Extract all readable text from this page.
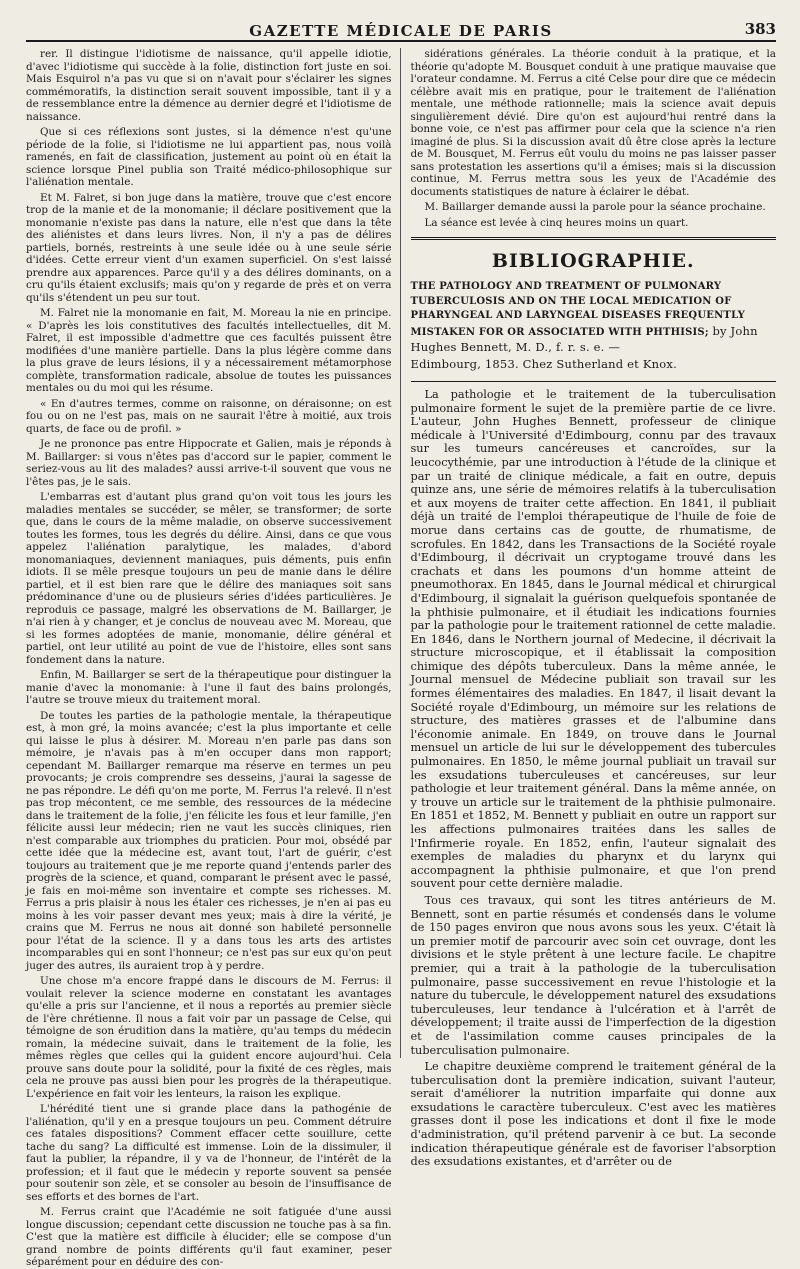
GAZETTE MÉDICALE DE PARIS	383

rer. Il distingue l'idiotisme de naissance, qu'il appelle idiotie, d'avec l'idiotisme qui succède à la folie, distinction fort juste en soi. Mais Esquirol n'a pas vu que si on n'avait pour s'éclairer les signes commémoratifs, la distinction serait souvent impossible, tant il y a de ressemblance entre la démence au dernier degré et l'idiotisme de naissance.

Que si ces réflexions sont justes, si la démence n'est qu'une période de la folie, si l'idiotisme ne lui appartient pas, nous voilà ramenés, en fait de classification, justement au point où en était la science lorsque Pinel publia son Traité médico-philosophique sur l'aliénation mentale.

Et M. Falret, si bon juge dans la matière, trouve que c'est encore trop de la manie et de la monomanie; il déclare positivement que la monomanie n'existe pas dans la nature, elle n'est que dans la tête des aliénistes et dans leurs livres. Non, il n'y a pas de délires partiels, bornés, restreints à une seule idée ou à une seule série d'idées. Cette erreur vient d'un examen superficiel. On s'est laissé prendre aux apparences. Parce qu'il y a des délires dominants, on a cru qu'ils étaient exclusifs; mais qu'on y regarde de près et on verra qu'ils s'étendent un peu sur tout.

M. Falret nie la monomanie en fait, M. Moreau la nie en principe. « D'après les lois constitutives des facultés intellectuelles, dit M. Falret, il est impossible d'admettre que ces facultés puissent être modifiées d'une manière partielle. Dans la plus légère comme dans la plus grave de leurs lésions, il y a nécessairement métamorphose complète, transformation radicale, absolue de toutes les puissances mentales ou du moi qui les résume.

« En d'autres termes, comme on raisonne, on déraisonne; on est fou ou on ne l'est pas, mais on ne saurait l'être à moitié, aux trois quarts, de face ou de profil. »

Je ne prononce pas entre Hippocrate et Galien, mais je réponds à M. Baillarger: si vous n'êtes pas d'accord sur le papier, comment le seriez-vous au lit des malades? aussi arrive-t-il souvent que vous ne l'êtes pas, je le sais.

L'embarras est d'autant plus grand qu'on voit tous les jours les maladies mentales se succéder, se mêler, se transformer; de sorte que, dans le cours de la même maladie, on observe successivement toutes les formes, tous les degrés du délire. Ainsi, dans ce que vous appelez l'aliénation paralytique, les malades, d'abord monomaniaques, deviennent maniaques, puis déments, puis enfin idiots. Il se mêle presque toujours un peu de manie dans le délire partiel, et il est bien rare que le délire des maniaques soit sans prédominance d'une ou de plusieurs séries d'idées particulières. Je reproduis ce passage, malgré les observations de M. Baillarger, je n'ai rien à y changer, et je conclus de nouveau avec M. Moreau, que si les formes adoptées de manie, monomanie, délire général et partiel, ont leur utilité au point de vue de l'histoire, elles sont sans fondement dans la nature.

Enfin, M. Baillarger se sert de la thérapeutique pour distinguer la manie d'avec la monomanie: à l'une il faut des bains prolongés, l'autre se trouve mieux du traitement moral.

De toutes les parties de la pathologie mentale, la thérapeutique est, à mon gré, la moins avancée; c'est la plus importante et celle qui laisse le plus à désirer. M. Moreau n'en parle pas dans son mémoire, je n'avais pas à m'en occuper dans mon rapport; cependant M. Baillarger remarque ma réserve en termes un peu provocants; je crois comprendre ses desseins, j'aurai la sagesse de ne pas répondre. Le défi qu'on me porte, M. Ferrus l'a relevé. Il n'est pas trop mécontent, ce me semble, des ressources de la médecine dans le traitement de la folie, j'en félicite les fous et leur famille, j'en félicite aussi leur médecin; rien ne vaut les succès cliniques, rien n'est comparable aux triomphes du praticien. Pour moi, obsédé par cette idée que la médecine est, avant tout, l'art de guérir, c'est toujours au traitement que je me reporte quand j'entends parler des progrès de la science, et quand, comparant le présent avec le passé, je fais en moi-même son inventaire et compte ses richesses. M. Ferrus a pris plaisir à nous les étaler ces richesses, je n'en ai pas eu moins à les voir passer devant mes yeux; mais à dire la vérité, je crains que M. Ferrus ne nous ait donné son habileté personnelle pour l'état de la science. Il y a dans tous les arts des artistes incomparables qui en sont l'honneur; ce n'est pas sur eux qu'on peut juger des autres, ils auraient trop à y perdre.

Une chose m'a encore frappé dans le discours de M. Ferrus: il voulait relever la science moderne en constatant les avantages qu'elle a pris sur l'ancienne, et il nous a reportés au premier siècle de l'ère chrétienne. Il nous a fait voir par un passage de Celse, qui témoigne de son érudition dans la matière, qu'au temps du médecin romain, la médecine suivait, dans le traitement de la folie, les mêmes règles que celles qui la guident encore aujourd'hui. Cela prouve sans doute pour la solidité, pour la fixité de ces règles, mais cela ne prouve pas aussi bien pour les progrès de la thérapeutique. L'expérience en fait voir les lenteurs, la raison les explique.

L'hérédité tient une si grande place dans la pathogénie de l'aliénation, qu'il y en a presque toujours un peu. Comment détruire ces fatales dispositions? Comment effacer cette souillure, cette tache du sang? La difficulté est immense. Loin de la dissimuler, il faut la publier, la répandre, il y va de l'honneur, de l'intérêt de la profession; et il faut que le médecin y reporte souvent sa pensée pour soutenir son zèle, et se consoler au besoin de l'insuffisance de ses efforts et des bornes de l'art.

M. Ferrus craint que l'Académie ne soit fatiguée d'une aussi longue discussion; cependant cette discussion ne touche pas à sa fin. C'est que la matière est difficile à élucider; elle se compose d'un grand nombre de points différents qu'il faut examiner, peser séparément pour en déduire des con-

sidérations générales. La théorie conduit à la pratique, et la théorie qu'adopte M. Bousquet conduit à une pratique mauvaise que l'orateur condamne. M. Ferrus a cité Celse pour dire que ce médecin célèbre avait mis en pratique, pour le traitement de l'aliénation mentale, une méthode rationnelle; mais la science avait depuis singulièrement dévié. Dire qu'on est aujourd'hui rentré dans la bonne voie, ce n'est pas affirmer pour cela que la science n'a rien imaginé de plus. Si la discussion avait dû être close après la lecture de M. Bousquet, M. Ferrus eût voulu du moins ne pas laisser passer sans protestation les assertions qu'il a émises; mais si la discussion continue, M. Ferrus mettra sous les yeux de l'Académie des documents statistiques de nature à éclairer le débat.

M. Baillarger demande aussi la parole pour la séance prochaine.

La séance est levée à cinq heures moins un quart.

BIBLIOGRAPHIE.

THE PATHOLOGY AND TREATMENT OF PULMONARY TUBERCULOSIS AND ON THE LOCAL MEDICATION OF PHARYNGEAL AND LARYNGEAL DISEASES FREQUENTLY MISTAKEN FOR OR ASSOCIATED WITH PHTHISIS; by John Hughes Bennett, M. D., f. r. s. e. —
Edimbourg, 1853. Chez Sutherland et Knox.

La pathologie et le traitement de la tuberculisation pulmonaire forment le sujet de la première partie de ce livre. L'auteur, John Hughes Bennett, professeur de clinique médicale à l'Université d'Edimbourg, connu par des travaux sur les tumeurs cancéreuses et cancroïdes, sur la leucocythémie, par une introduction à l'étude de la clinique et par un traité de clinique médicale, a fait en outre, depuis quinze ans, une série de mémoires relatifs à la tuberculisation et aux moyens de traiter cette affection. En 1841, il publiait déjà un traité de l'emploi thérapeutique de l'huile de foie de morue dans certains cas de goutte, de rhumatisme, de scrofules. En 1842, dans les Transactions de la Société royale d'Edimbourg, il décrivait un cryptogame trouvé dans les crachats et dans les poumons d'un homme atteint de pneumothorax. En 1845, dans le Journal médical et chirurgical d'Edimbourg, il signalait la guérison quelquefois spontanée de la phthisie pulmonaire, et il étudiait les indications fournies par la pathologie pour le traitement rationnel de cette maladie. En 1846, dans le Northern journal of Medecine, il décrivait la structure microscopique, et il établissait la composition chimique des dépôts tuberculeux. Dans la même année, le Journal mensuel de Médecine publiait son travail sur les formes élémentaires des maladies. En 1847, il lisait devant la Société royale d'Edimbourg, un mémoire sur les relations de structure, des matières grasses et de l'albumine dans l'économie animale. En 1849, on trouve dans le Journal mensuel un article de lui sur le développement des tubercules pulmonaires. En 1850, le même journal publiait un travail sur les exsudations tuberculeuses et cancéreuses, sur leur pathologie et leur traitement général. Dans la même année, on y trouve un article sur le traitement de la phthisie pulmonaire. En 1851 et 1852, M. Bennett y publiait en outre un rapport sur les affections pulmonaires traitées dans les salles de l'Infirmerie royale. En 1852, enfin, l'auteur signalait des exemples de maladies du pharynx et du larynx qui accompagnent la phthisie pulmonaire, et que l'on prend souvent pour cette dernière maladie.

Tous ces travaux, qui sont les titres antérieurs de M. Bennett, sont en partie résumés et condensés dans le volume de 150 pages environ que nous avons sous les yeux. C'était là un premier motif de parcourir avec soin cet ouvrage, dont les divisions et le style prêtent à une lecture facile. Le chapitre premier, qui a trait à la pathologie de la tuberculisation pulmonaire, passe successivement en revue l'histologie et la nature du tubercule, le développement naturel des exsudations tuberculeuses, leur tendance à l'ulcération et à l'arrêt de développement; il traite aussi de l'imperfection de la digestion et de l'assimilation comme causes principales de la tuberculisation pulmonaire.

Le chapitre deuxième comprend le traitement général de la tuberculisation dont la première indication, suivant l'auteur, serait d'améliorer la nutrition imparfaite qui donne aux exsudations le caractère tuberculeux. C'est avec les matières grasses dont il pose les indications et dont il fixe le mode d'administration, qu'il prétend parvenir à ce but. La seconde indication thérapeutique générale est de favoriser l'absorption des exsudations existantes, et d'arrêter ou de
